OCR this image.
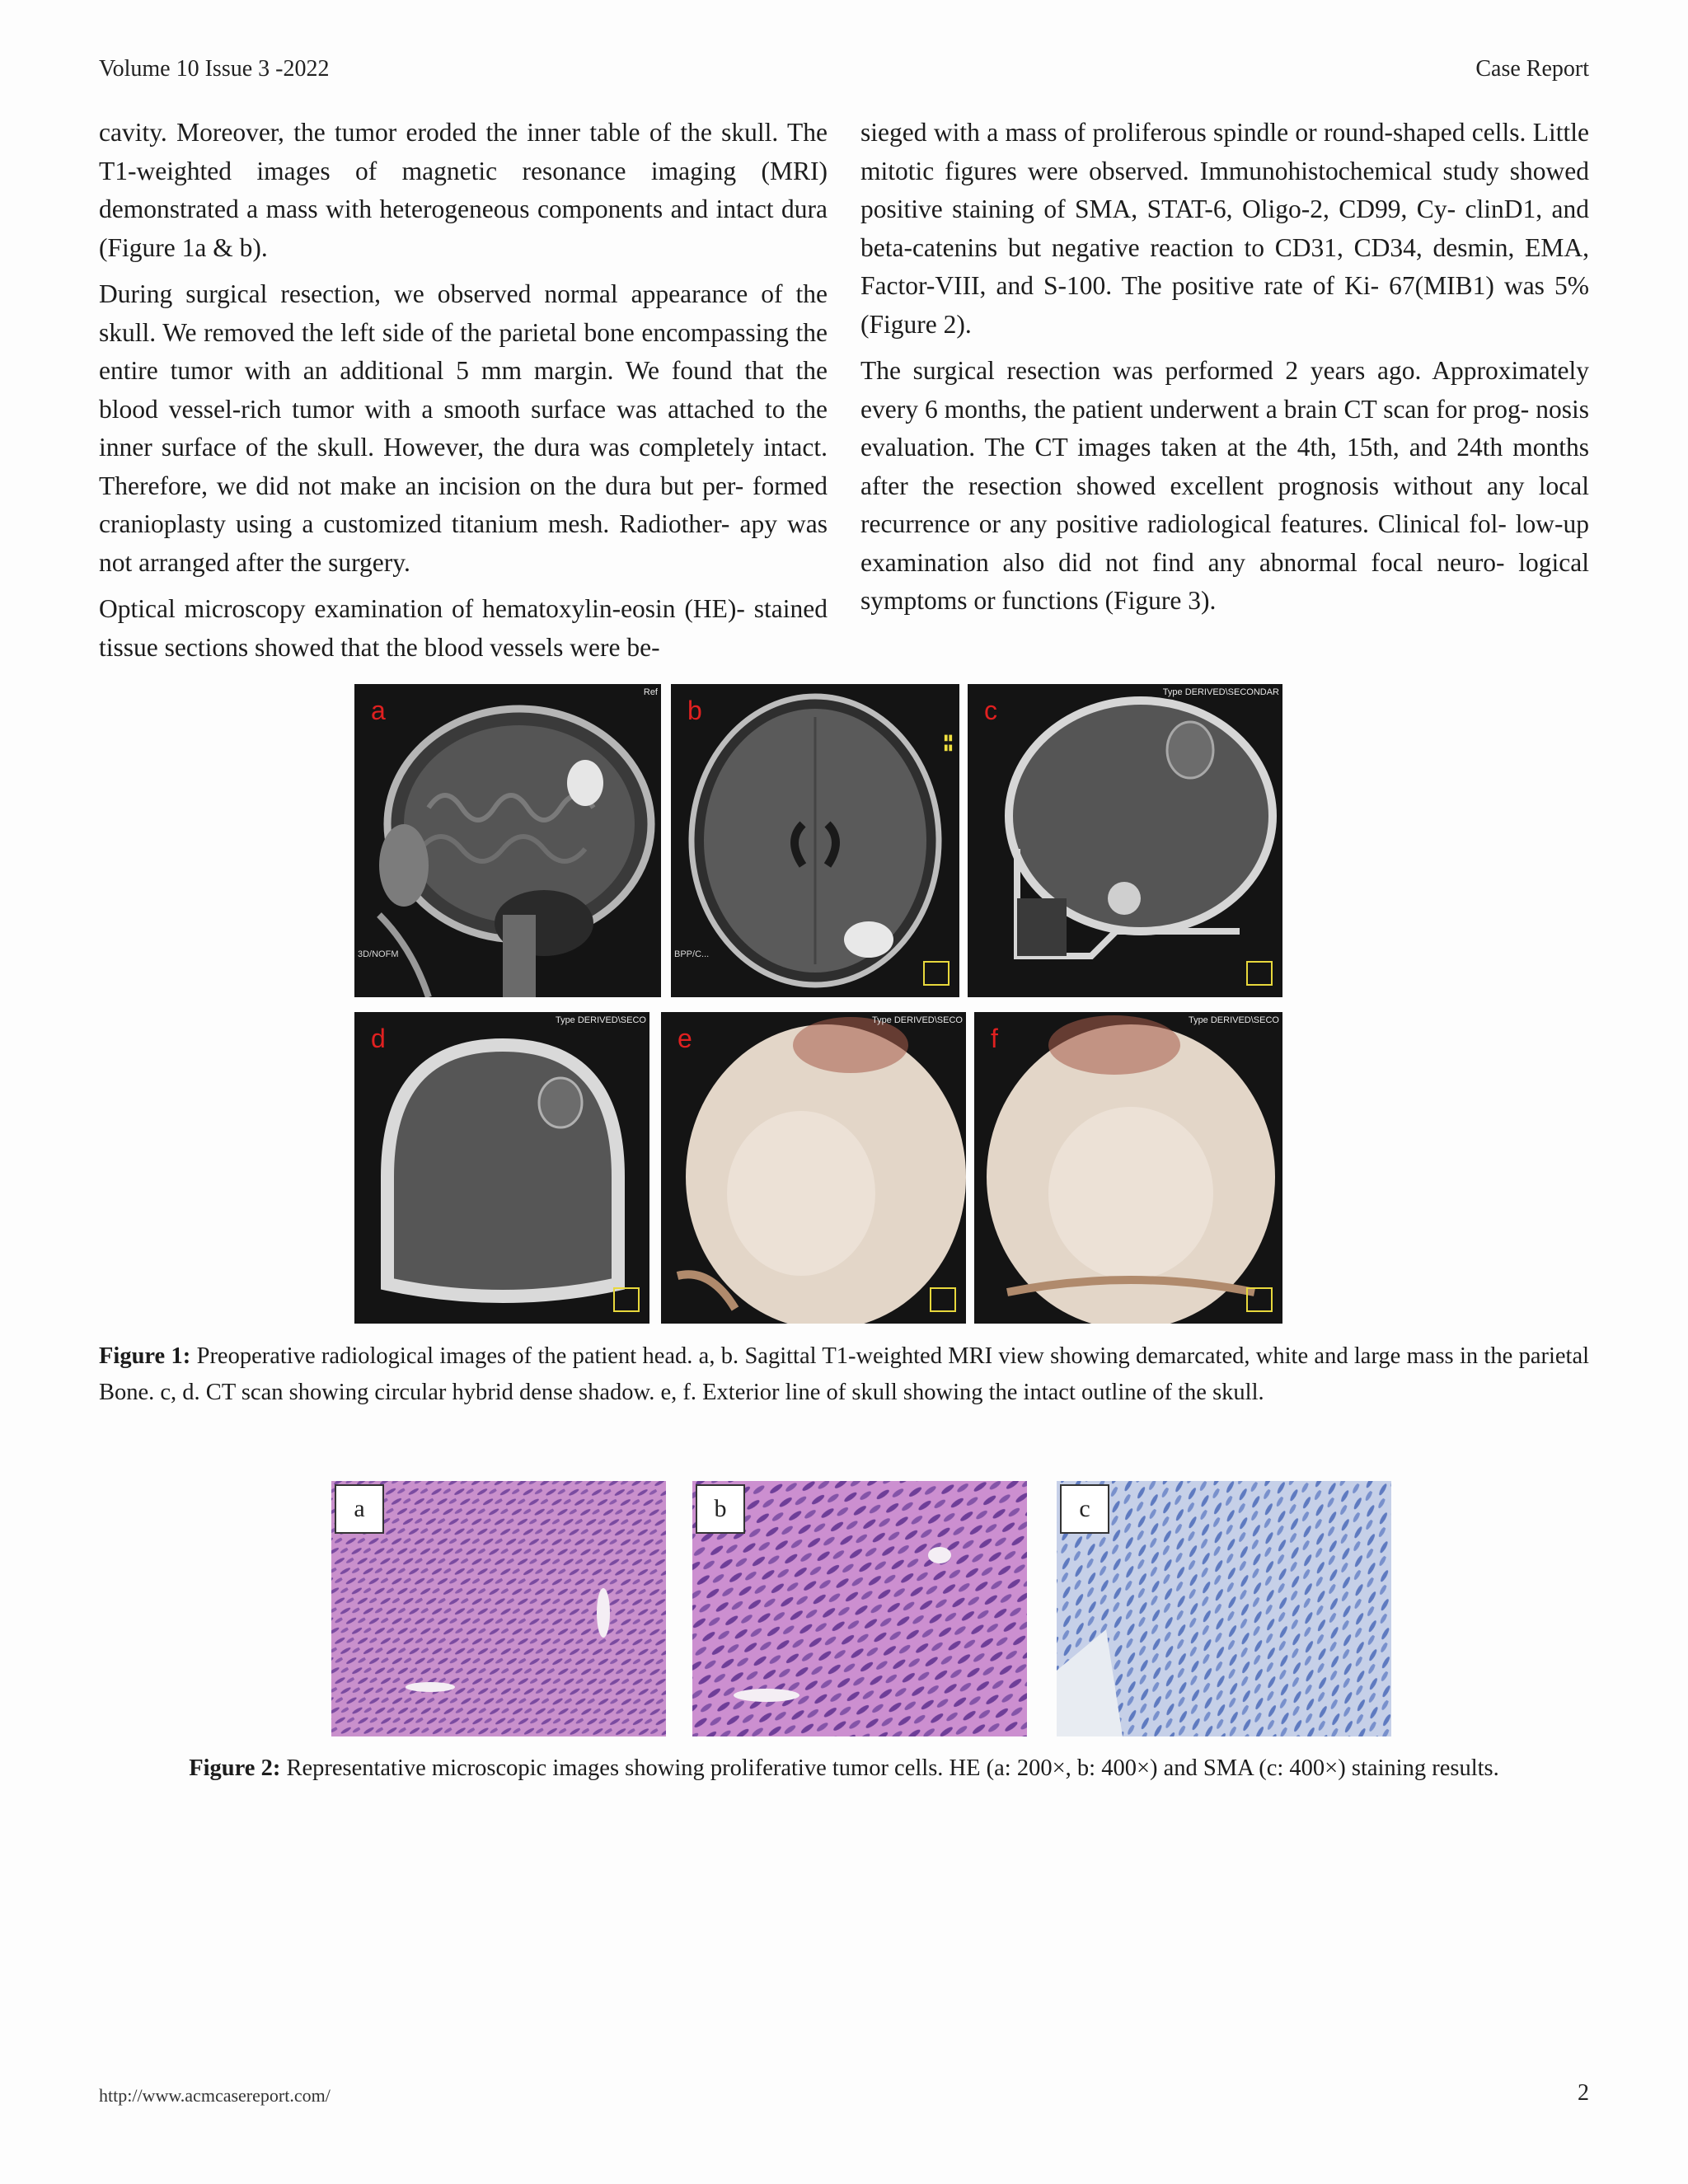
Volume 10 Issue 3 -2022	Case Report

cavity. Moreover, the tumor eroded the inner table of the skull. The T1-weighted images of magnetic resonance imaging (MRI) demonstrated a mass with heterogeneous components and intact dura (Figure 1a & b).

During surgical resection, we observed normal appearance of the skull. We removed the left side of the parietal bone encompassing the entire tumor with an additional 5 mm margin. We found that the blood vessel-rich tumor with a smooth surface was attached to the inner surface of the skull. However, the dura was completely intact. Therefore, we did not make an incision on the dura but per- formed cranioplasty using a customized titanium mesh. Radiother- apy was not arranged after the surgery.

Optical microscopy examination of hematoxylin-eosin (HE)- stained tissue sections showed that the blood vessels were be-

sieged with a mass of proliferous spindle or round-shaped cells. Little mitotic figures were observed. Immunohistochemical study showed positive staining of SMA, STAT-6, Oligo-2, CD99, Cy- clinD1, and beta-catenins but negative reaction to CD31, CD34, desmin, EMA, Factor-VIII, and S-100. The positive rate of Ki- 67(MIB1) was 5% (Figure 2).

The surgical resection was performed 2 years ago. Approximately every 6 months, the patient underwent a brain CT scan for prog- nosis evaluation. The CT images taken at the 4th, 15th, and 24th months after the resection showed excellent prognosis without any local recurrence or any positive radiological features. Clinical fol- low-up examination also did not find any abnormal focal neuro- logical symptoms or functions (Figure 3).

a
Ref
3D/NOFM
b
▮▮
▮▮
BPP/C...
c
Type DERIVED\SECONDAR
d
Type DERIVED\SECO
e
Type DERIVED\SECO
f
Type DERIVED\SECO
Figure 1: Preoperative radiological images of the patient head. a, b. Sagittal T1-weighted MRI view showing demarcated, white and large mass in the parietal Bone. c, d. CT scan showing circular hybrid dense shadow. e, f. Exterior line of skull showing the intact outline of the skull.
a	b	c
Figure 2: Representative microscopic images showing proliferative tumor cells. HE (a: 200×, b: 400×) and SMA (c: 400×) staining results.
http://www.acmcasereport.com/	2
